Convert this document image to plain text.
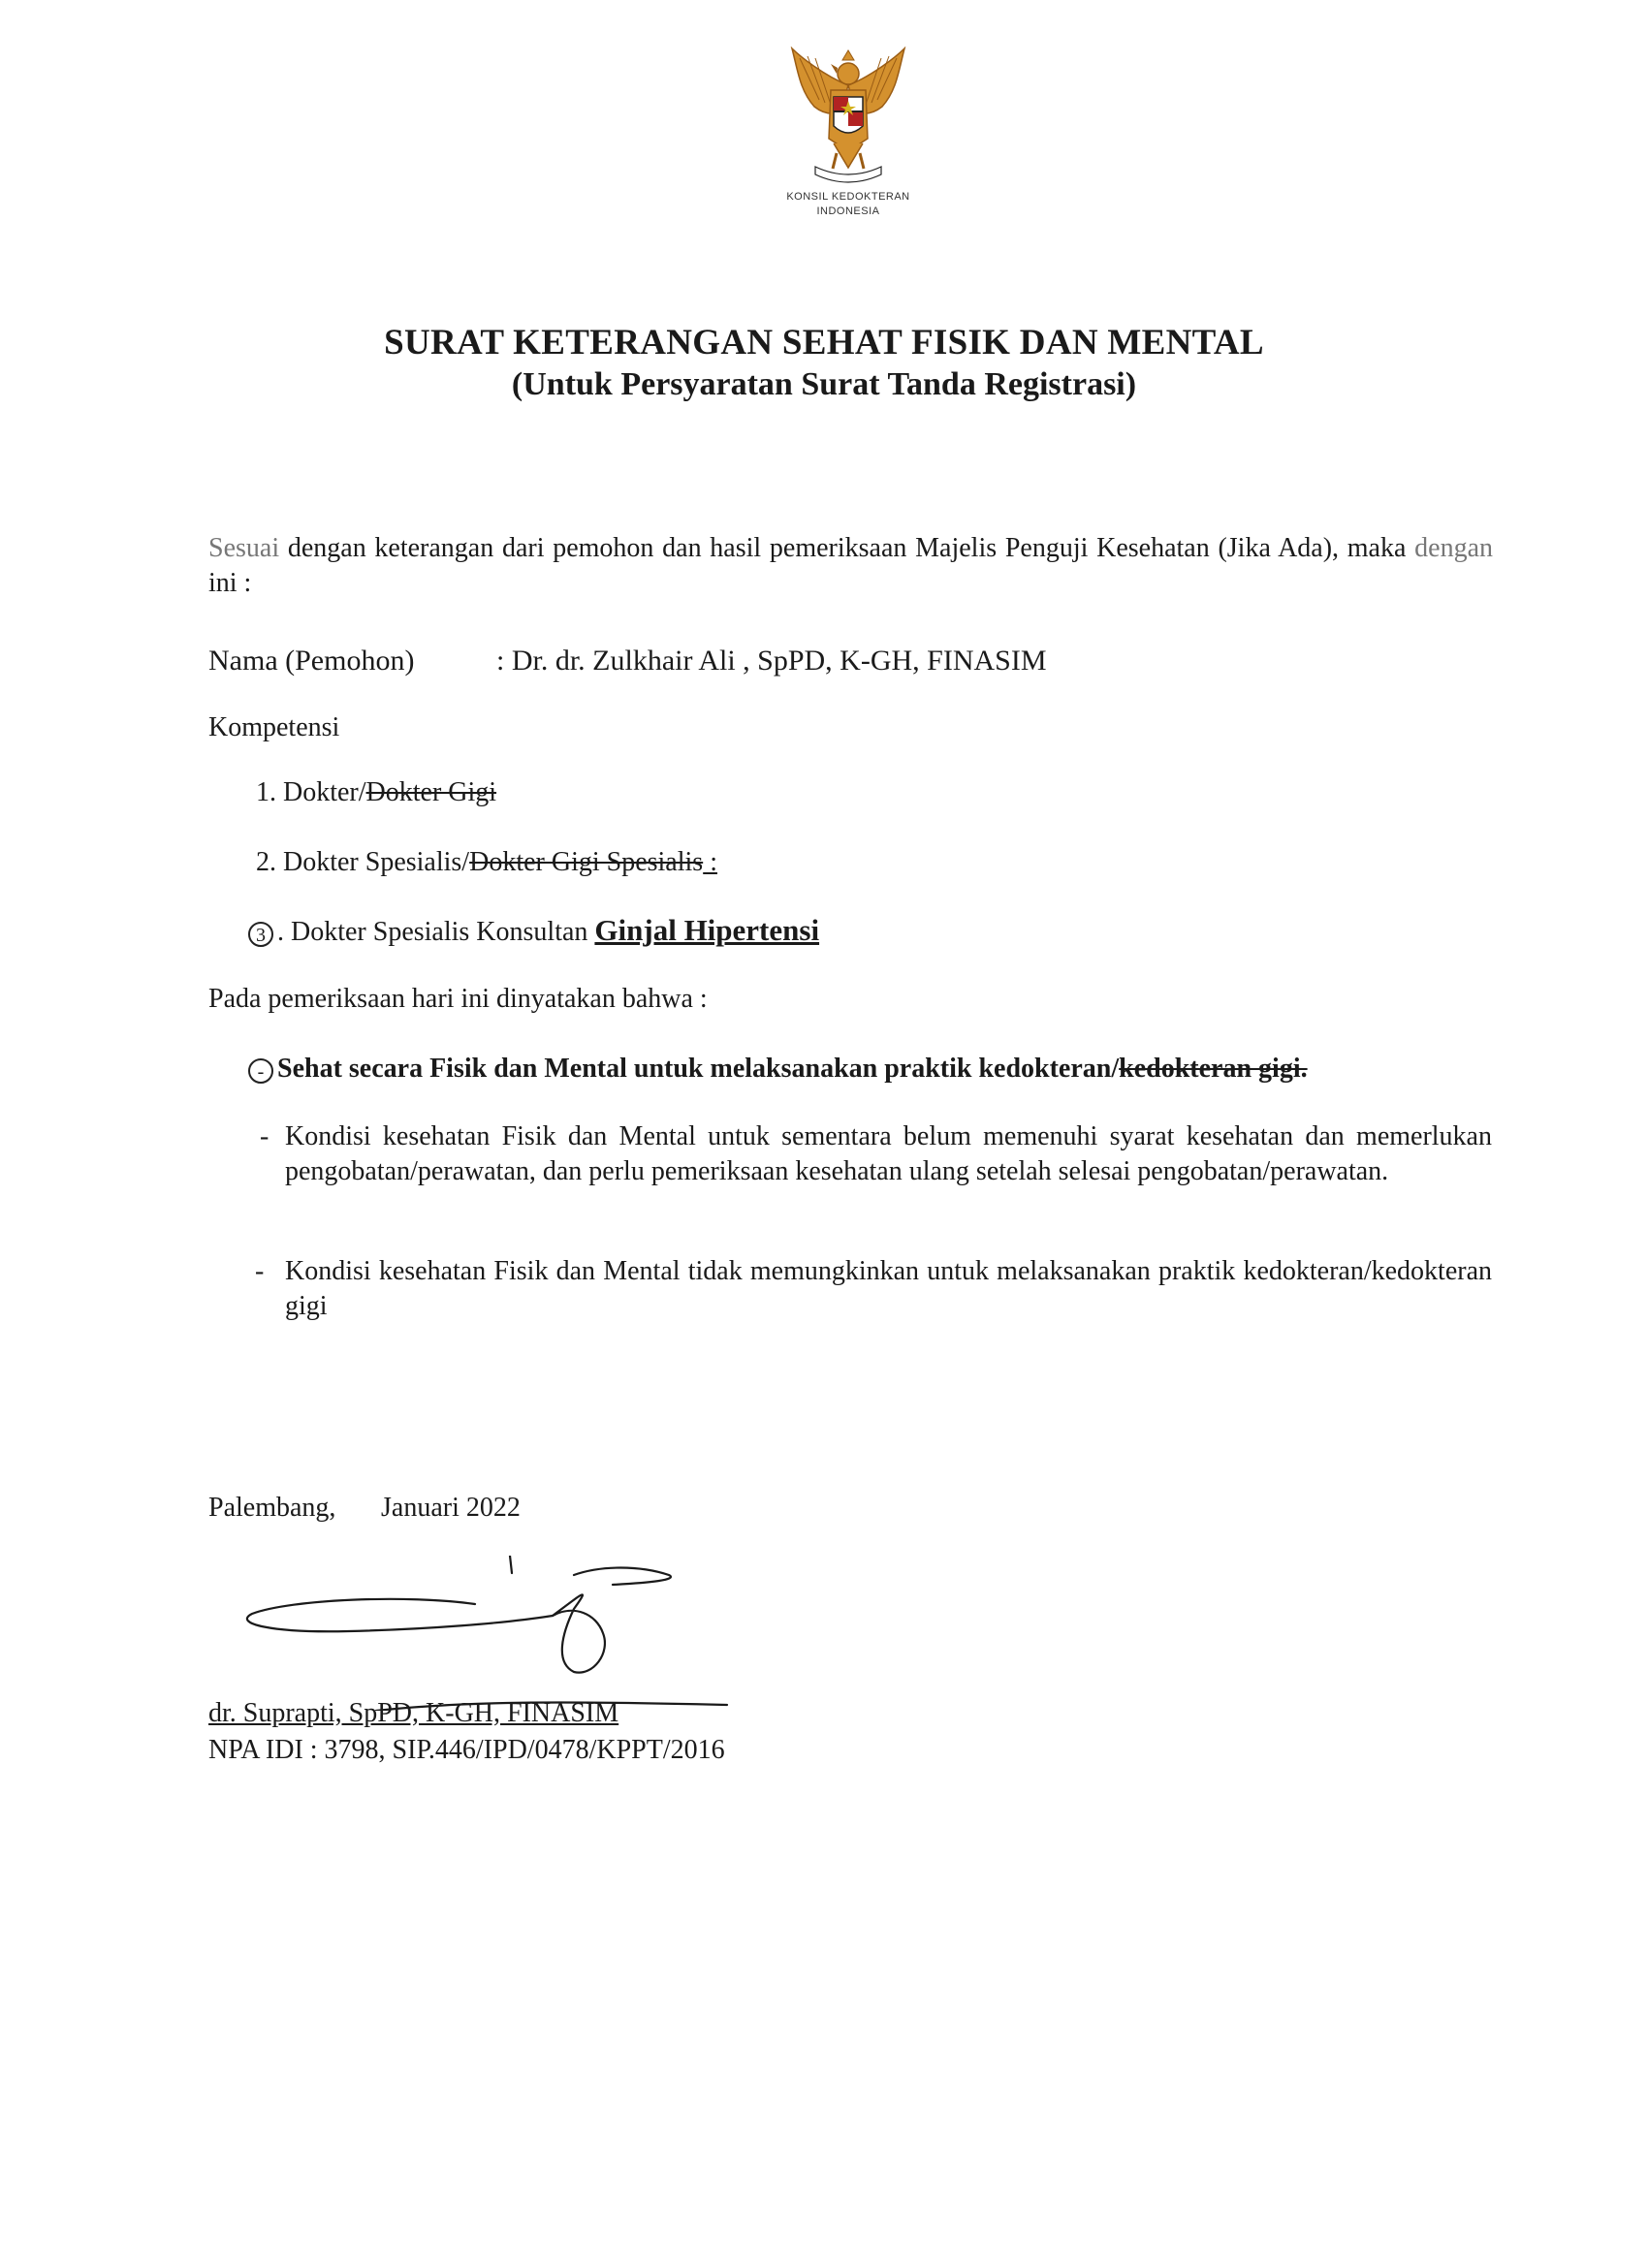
KONSIL KEDOKTERAN
INDONESIA
SURAT KETERANGAN SEHAT FISIK DAN MENTAL
(Untuk Persyaratan Surat Tanda Registrasi)
Sesuai dengan keterangan dari pemohon dan hasil pemeriksaan Majelis Penguji Kesehatan (Jika Ada), maka dengan ini :
Nama (Pemohon)	: Dr. dr. Zulkhair Ali , SpPD, K-GH, FINASIM
Kompetensi
1. Dokter/Dokter Gigi
2. Dokter Spesialis/Dokter Gigi Spesialis :
3 . Dokter Spesialis Konsultan Ginjal Hipertensi
Pada pemeriksaan hari ini dinyatakan bahwa :
- Sehat secara Fisik dan Mental untuk melaksanakan praktik kedokteran/kedokteran gigi.
- Kondisi kesehatan Fisik dan Mental untuk sementara belum memenuhi syarat kesehatan dan memerlukan pengobatan/perawatan, dan perlu pemeriksaan kesehatan ulang setelah selesai pengobatan/perawatan.
- Kondisi kesehatan Fisik dan Mental tidak memungkinkan untuk melaksanakan praktik kedokteran/kedokteran gigi
Palembang, Januari 2022
dr. Suprapti, SpPD, K-GH, FINASIM
NPA IDI : 3798, SIP.446/IPD/0478/KPPT/2016
